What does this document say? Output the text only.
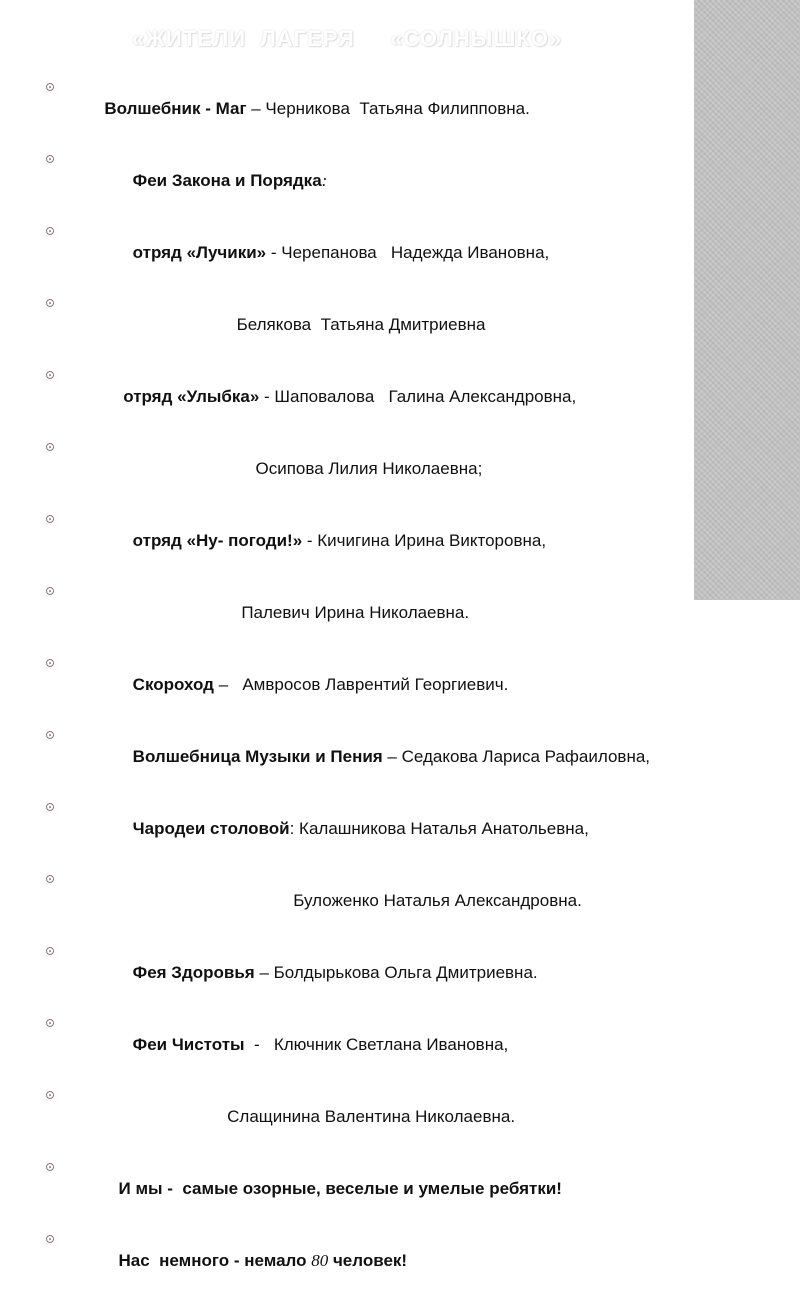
«ЖИТЕЛИ  ЛАГЕРЯ     «СОЛНЫШКО»

Волшебник - Маг – Черникова  Татьяна Филипповна.

Феи Закона и Порядка:

отряд «Лучики» - Черепанова   Надежда Ивановна,

Белякова  Татьяна Дмитриевна

отряд «Улыбка» - Шаповалова   Галина Александровна,

Осипова Лилия Николаевна;

отряд «Ну- погоди!» - Кичигина Ирина Викторовна,

Палевич Ирина Николаевна.

Скороход –   Амвросов Лаврентий Георгиевич.

Волшебница Музыки и Пения – Седакова Лариса Рафаиловна,

Чародеи столовой: Калашникова Наталья Анатольевна,

Буложенко Наталья Александровна.

Фея Здоровья – Болдырькова Ольга Дмитриевна.

Феи Чистоты  -   Ключник Светлана Ивановна,

Слащинина Валентина Николаевна.

И мы -  самые озорные, веселые и умелые ребятки!

Нас  немного - немало 80 человек!
